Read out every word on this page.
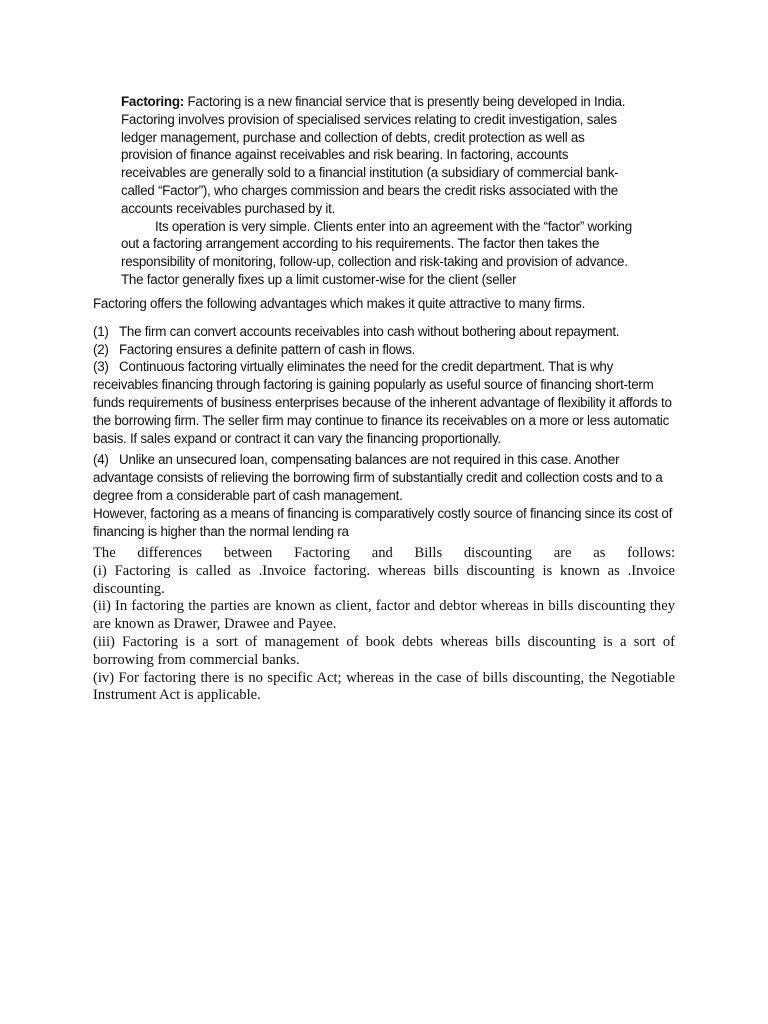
Factoring: Factoring is a new financial service that is presently being developed in India. Factoring involves provision of specialised services relating to credit investigation, sales ledger management, purchase and collection of debts, credit protection as well as provision of finance against receivables and risk bearing. In factoring, accounts receivables are generally sold to a financial institution (a subsidiary of commercial bank-called “Factor”), who charges commission and bears the credit risks associated with the accounts receivables purchased by it.

Its operation is very simple. Clients enter into an agreement with the “factor” working out a factoring arrangement according to his requirements. The factor then takes the responsibility of monitoring, follow-up, collection and risk-taking and provision of advance. The factor generally fixes up a limit customer-wise for the client (seller

Factoring offers the following advantages which makes it quite attractive to many firms.

(1) The firm can convert accounts receivables into cash without bothering about repayment.

(2) Factoring ensures a definite pattern of cash in flows.

(3) Continuous factoring virtually eliminates the need for the credit department. That is why receivables financing through factoring is gaining popularly as useful source of financing short-term funds requirements of business enterprises because of the inherent advantage of flexibility it affords to the borrowing firm. The seller firm may continue to finance its receivables on a more or less automatic basis. If sales expand or contract it can vary the financing proportionally.

(4) Unlike an unsecured loan, compensating balances are not required in this case. Another advantage consists of relieving the borrowing firm of substantially credit and collection costs and to a degree from a considerable part of cash management.

However, factoring as a means of financing is comparatively costly source of financing since its cost of financing is higher than the normal lending ra

The differences between Factoring and Bills discounting are as follows:

(i) Factoring is called as .Invoice factoring. whereas bills discounting is known as .Invoice discounting.

(ii) In factoring the parties are known as client, factor and debtor whereas in bills discounting they are known as Drawer, Drawee and Payee.

(iii) Factoring is a sort of management of book debts whereas bills discounting is a sort of borrowing from commercial banks.

(iv) For factoring there is no specific Act; whereas in the case of bills discounting, the Negotiable Instrument Act is applicable.
